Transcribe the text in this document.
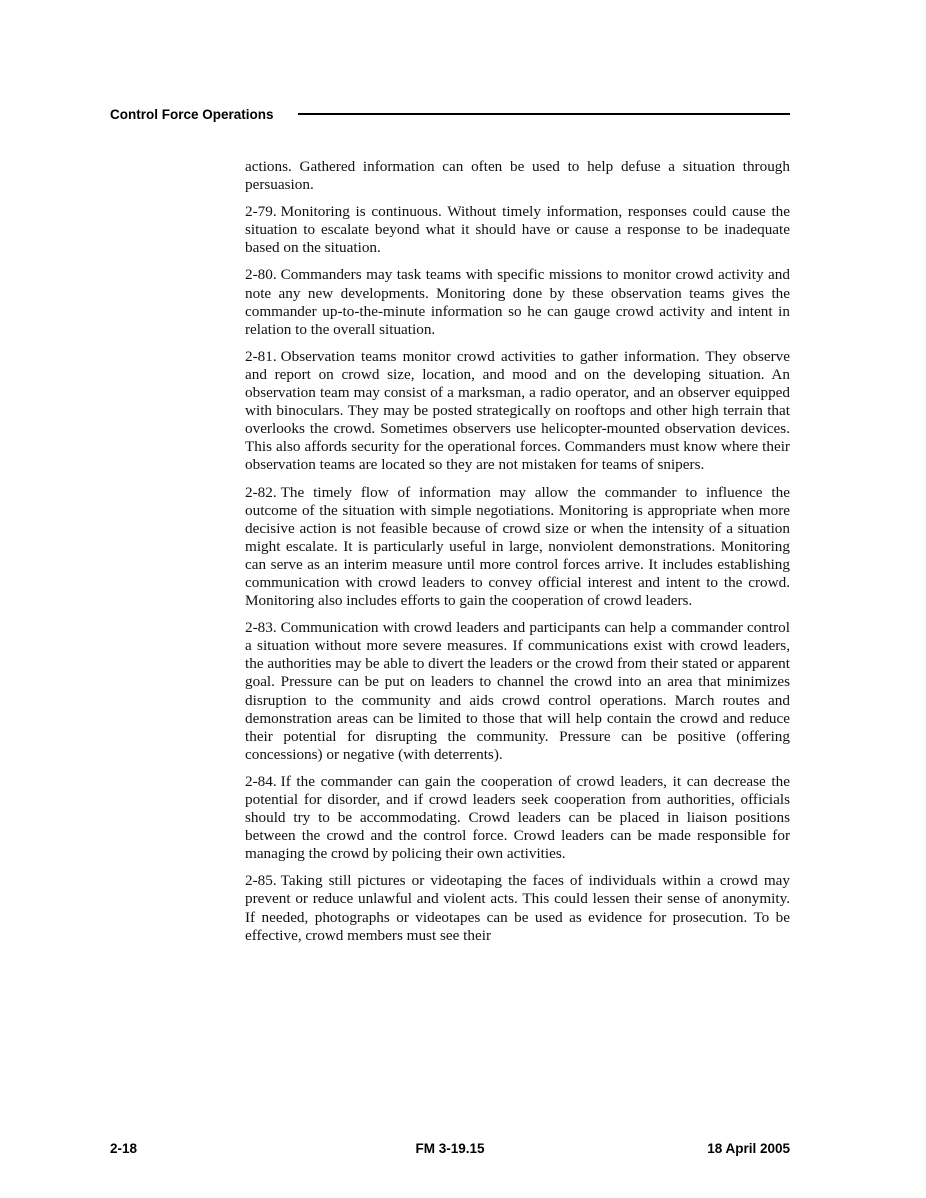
Control Force Operations

actions. Gathered information can often be used to help defuse a situation through persuasion.

2-79. Monitoring is continuous. Without timely information, responses could cause the situation to escalate beyond what it should have or cause a response to be inadequate based on the situation.

2-80. Commanders may task teams with specific missions to monitor crowd activity and note any new developments. Monitoring done by these observation teams gives the commander up-to-the-minute information so he can gauge crowd activity and intent in relation to the overall situation.

2-81. Observation teams monitor crowd activities to gather information. They observe and report on crowd size, location, and mood and on the developing situation. An observation team may consist of a marksman, a radio operator, and an observer equipped with binoculars. They may be posted strategically on rooftops and other high terrain that overlooks the crowd. Sometimes observers use helicopter-mounted observation devices. This also affords security for the operational forces. Commanders must know where their observation teams are located so they are not mistaken for teams of snipers.

2-82. The timely flow of information may allow the commander to influence the outcome of the situation with simple negotiations. Monitoring is appropriate when more decisive action is not feasible because of crowd size or when the intensity of a situation might escalate. It is particularly useful in large, nonviolent demonstrations. Monitoring can serve as an interim measure until more control forces arrive. It includes establishing communication with crowd leaders to convey official interest and intent to the crowd. Monitoring also includes efforts to gain the cooperation of crowd leaders.

2-83. Communication with crowd leaders and participants can help a commander control a situation without more severe measures. If communications exist with crowd leaders, the authorities may be able to divert the leaders or the crowd from their stated or apparent goal. Pressure can be put on leaders to channel the crowd into an area that minimizes disruption to the community and aids crowd control operations. March routes and demonstration areas can be limited to those that will help contain the crowd and reduce their potential for disrupting the community. Pressure can be positive (offering concessions) or negative (with deterrents).

2-84. If the commander can gain the cooperation of crowd leaders, it can decrease the potential for disorder, and if crowd leaders seek cooperation from authorities, officials should try to be accommodating. Crowd leaders can be placed in liaison positions between the crowd and the control force. Crowd leaders can be made responsible for managing the crowd by policing their own activities.

2-85. Taking still pictures or videotaping the faces of individuals within a crowd may prevent or reduce unlawful and violent acts. This could lessen their sense of anonymity. If needed, photographs or videotapes can be used as evidence for prosecution. To be effective, crowd members must see their

2-18	FM 3-19.15	18 April 2005
